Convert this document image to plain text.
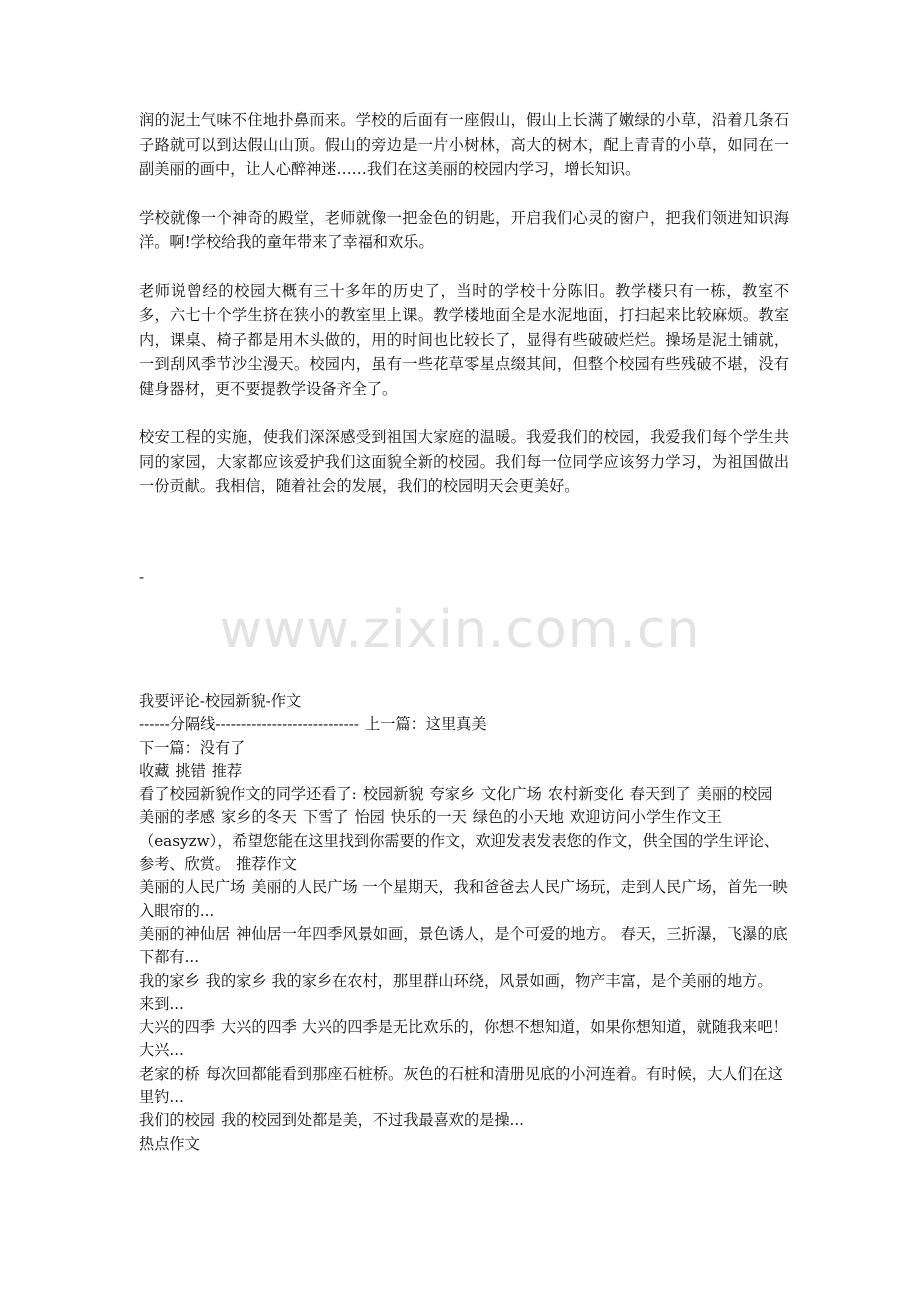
润的泥土气味不住地扑鼻而来。学校的后面有一座假山，假山上长满了嫩绿的小草，沿着几条石子路就可以到达假山山顶。假山的旁边是一片小树林，高大的树木，配上青青的小草，如同在一副美丽的画中，让人心醉神迷……我们在这美丽的校园内学习，增长知识。

学校就像一个神奇的殿堂，老师就像一把金色的钥匙，开启我们心灵的窗户，把我们领进知识海洋。啊!学校给我的童年带来了幸福和欢乐。

老师说曾经的校园大概有三十多年的历史了，当时的学校十分陈旧。教学楼只有一栋，教室不多，六七十个学生挤在狭小的教室里上课。教学楼地面全是水泥地面，打扫起来比较麻烦。教室内，课桌、椅子都是用木头做的，用的时间也比较长了，显得有些破破烂烂。操场是泥土铺就，一到刮风季节沙尘漫天。校园内，虽有一些花草零星点缀其间，但整个校园有些残破不堪，没有健身器材，更不要提教学设备齐全了。

校安工程的实施，使我们深深感受到祖国大家庭的温暖。我爱我们的校园，我爱我们每个学生共同的家园，大家都应该爱护我们这面貌全新的校园。我们每一位同学应该努力学习，为祖国做出一份贡献。我相信，随着社会的发展，我们的校园明天会更美好。

-
www.zixin.com.cn

我要评论-校园新貌-作文

------分隔线---------------------------- 上一篇：这里真美

下一篇：没有了

收藏 挑错 推荐

看了校园新貌作文的同学还看了: 校园新貌 夸家乡 文化广场 农村新变化 春天到了 美丽的校园美丽的孝感 家乡的冬天 下雪了 怡园 快乐的一天 绿色的小天地 欢迎访问小学生作文王（easyzw），希望您能在这里找到你需要的作文，欢迎发表发表您的作文，供全国的学生评论、参考、欣赏。 推荐作文

美丽的人民广场 美丽的人民广场 一个星期天，我和爸爸去人民广场玩，走到人民广场，首先一映入眼帘的...

美丽的神仙居 神仙居一年四季风景如画，景色诱人，是个可爱的地方。 春天，三折瀑，飞瀑的底下都有...

我的家乡 我的家乡 我的家乡在农村，那里群山环绕，风景如画，物产丰富，是个美丽的地方。 来到...

大兴的四季 大兴的四季 大兴的四季是无比欢乐的，你想不想知道，如果你想知道，就随我来吧！ 大兴...

老家的桥 每次回都能看到那座石桩桥。灰色的石桩和清册见底的小河连着。有时候，大人们在这里钓...

我们的校园 我的校园到处都是美，不过我最喜欢的是操...

热点作文
